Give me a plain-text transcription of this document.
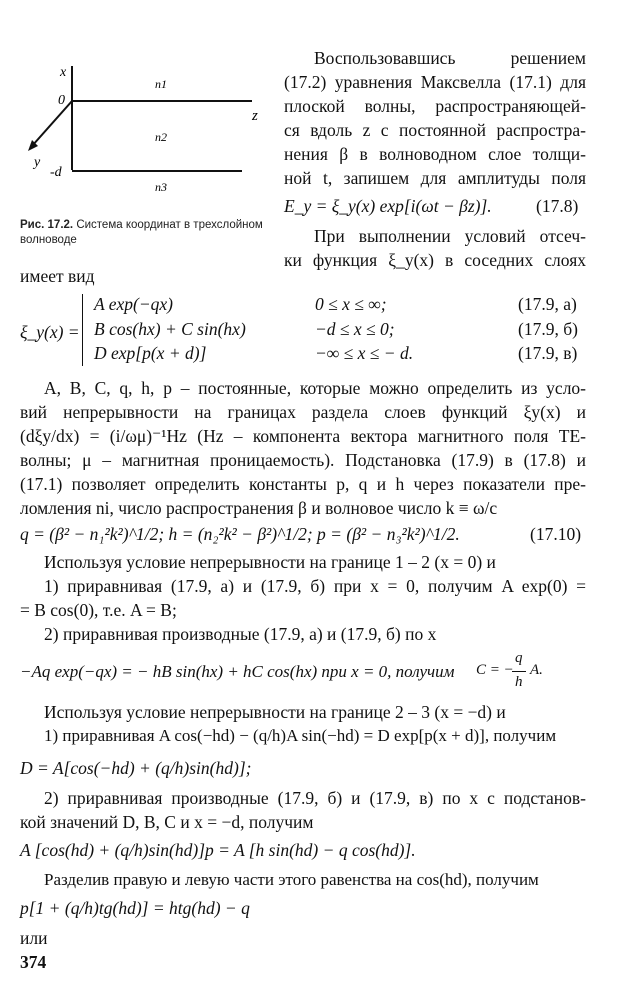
x
0
-d
z
y
n1
n2
n3
Рис. 17.2. Система координат в трехслойном волноводе
Воспользовавшись решением
(17.2) уравнения Максвелла (17.1) для
плоской волны, распространяющей-
ся вдоль z с постоянной распростра-
нения β в волноводном слое толщи-
ной t, запишем для амплитуды поля
E_y = ξ_y(x) exp[i(ωt − βz)].	(17.8)
При выполнении условий отсеч-
ки функция ξ_y(x) в соседних слоях
имеет вид
ξ_y(x) =
A exp(−qx)	0 ≤ x ≤ ∞;	(17.9, а)
B cos(hx) + C sin(hx)	−d ≤ x ≤ 0;	(17.9, б)
D exp[p(x + d)]	−∞ ≤ x ≤ − d.	(17.9, в)
A, B, C, q, h, p – постоянные, которые можно определить из усло-
вий непрерывности на границах раздела слоев функций ξy(x) и
(dξy/dx) = (i/ωμ)⁻¹Hz (Hz – компонента вектора магнитного поля ТЕ-
волны; μ – магнитная проницаемость). Подстановка (17.9) в (17.8) и
(17.1) позволяет определить константы p, q и h через показатели пре-
ломления ni, число распространения β и волновое число k ≡ ω/c
q = (β² − n₁²k²)^1/2; h = (n₂²k² − β²)^1/2; p = (β² − n₃²k²)^1/2.	(17.10)
Используя условие непрерывности на границе 1 – 2 (x = 0) и
1) приравнивая (17.9, а) и (17.9, б) при x = 0, получим A exp(0) =
= B cos(0), т.е. A = B;
2) приравнивая производные (17.9, а) и (17.9, б) по x
−Aq exp(−qx) = − hB sin(hx) + hC cos(hx) при x = 0, получим C = −
q
h
A.
Используя условие непрерывности на границе 2 – 3 (x = −d) и
1) приравнивая A cos(−hd) − (q/h)A sin(−hd) = D exp[p(x + d)], получим
D = A[cos(−hd) + (q/h)sin(hd)];
2) приравнивая производные (17.9, б) и (17.9, в) по x с подстанов-
кой значений D, B, C и x = −d, получим
A [cos(hd) + (q/h)sin(hd)]p = A [h sin(hd) − q cos(hd)].
Разделив правую и левую части этого равенства на cos(hd), получим
p[1 + (q/h)tg(hd)] = htg(hd) − q
или
374
